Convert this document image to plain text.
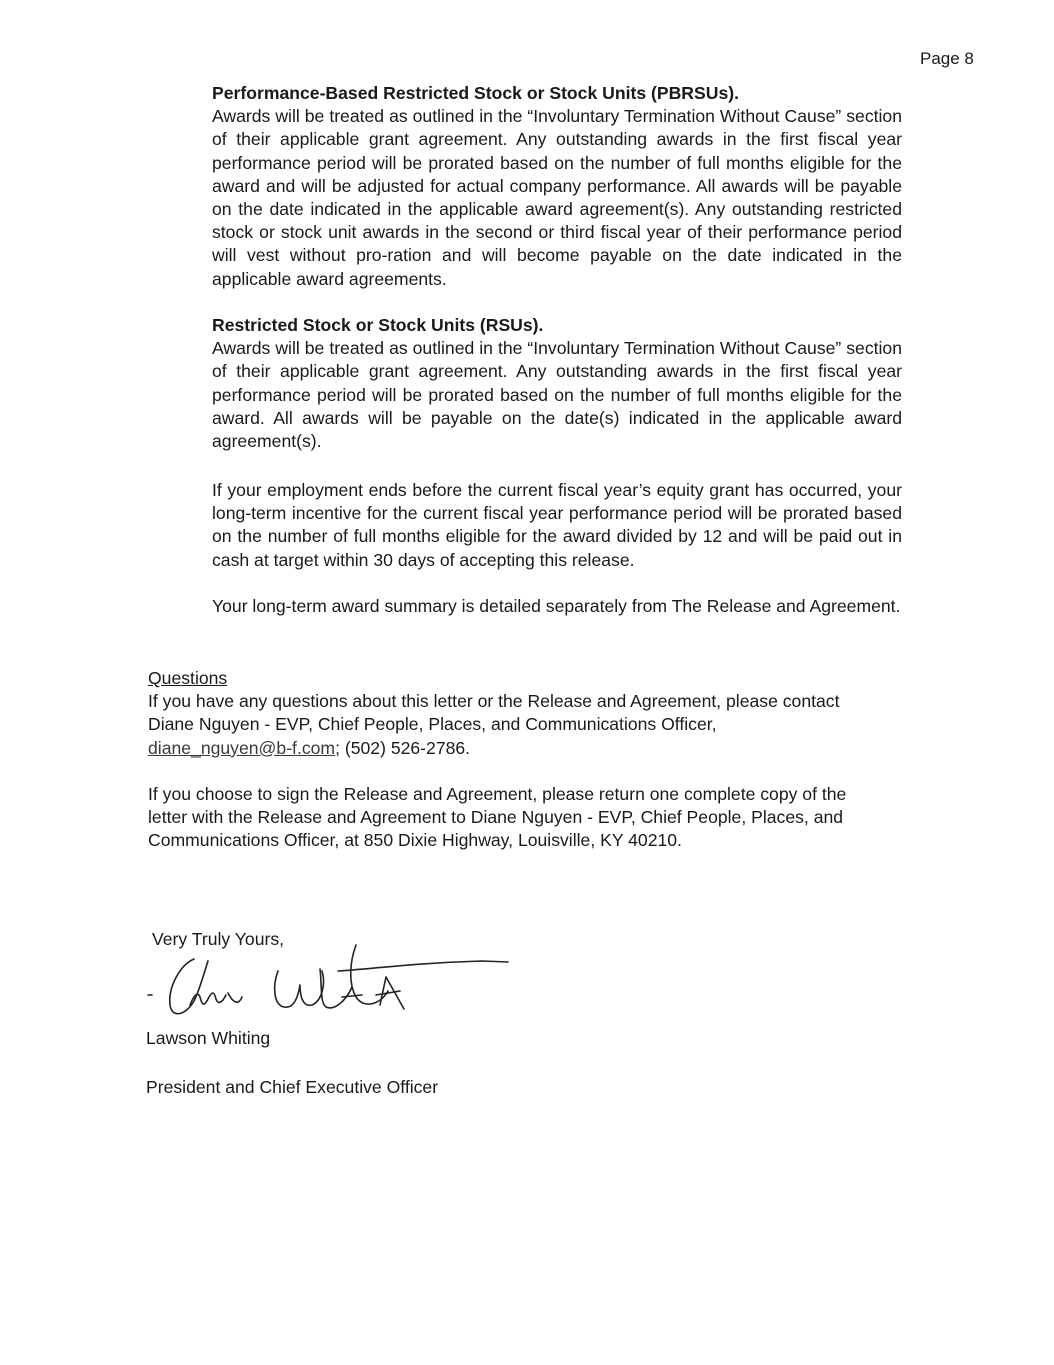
Page 8
Performance-Based Restricted Stock or Stock Units (PBRSUs).

Awards will be treated as outlined in the “Involuntary Termination Without Cause” section of their applicable grant agreement. Any outstanding awards in the first fiscal year performance period will be prorated based on the number of full months eligible for the award and will be adjusted for actual company performance. All awards will be payable on the date indicated in the applicable award agreement(s). Any outstanding restricted stock or stock unit awards in the second or third fiscal year of their performance period will vest without pro-ration and will become payable on the date indicated in the applicable award agreements.

Restricted Stock or Stock Units (RSUs).

Awards will be treated as outlined in the “Involuntary Termination Without Cause” section of their applicable grant agreement. Any outstanding awards in the first fiscal year performance period will be prorated based on the number of full months eligible for the award. All awards will be payable on the date(s) indicated in the applicable award agreement(s).

If your employment ends before the current fiscal year’s equity grant has occurred, your long-term incentive for the current fiscal year performance period will be prorated based on the number of full months eligible for the award divided by 12 and will be paid out in cash at target within 30 days of accepting this release.

Your long-term award summary is detailed separately from The Release and Agreement.

Questions

If you have any questions about this letter or the Release and Agreement, please contact

Diane Nguyen - EVP, Chief People, Places, and Communications Officer,

diane_nguyen@b-f.com; (502) 526-2786.

If you choose to sign the Release and Agreement, please return one complete copy of the

letter with the Release and Agreement to Diane Nguyen - EVP, Chief People, Places, and

Communications Officer, at 850 Dixie Highway, Louisville, KY 40210.

Very Truly Yours,
Lawson Whiting
President and Chief Executive Officer
